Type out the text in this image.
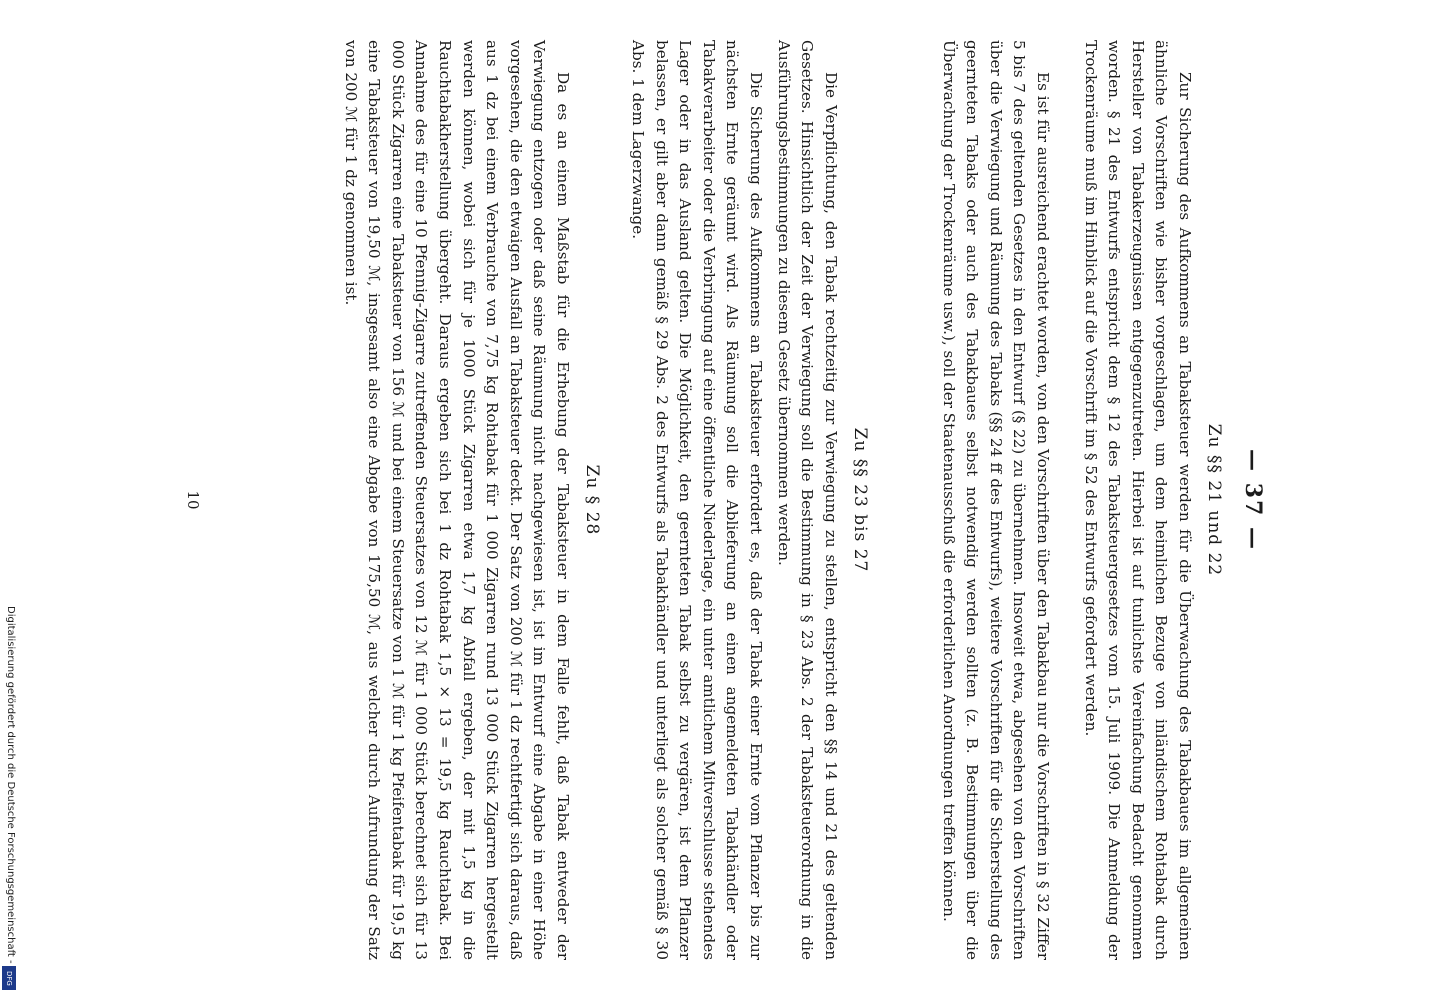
— 37 —
Zu §§ 21 und 22

Zur Sicherung des Aufkommens an Tabaksteuer werden für die Überwachung des Tabakbaues im allgemeinen ähnliche Vorschriften wie bisher vorgeschlagen, um dem heimlichen Bezuge von inländischem Rohtabak durch Hersteller von Tabakerzeugnissen entgegenzutreten. Hierbei ist auf tunlichste Vereinfachung Bedacht genommen worden. § 21 des Entwurfs entspricht dem § 12 des Tabaksteuergesetzes vom 15. Juli 1909. Die Anmeldung der Trockenräume muß im Hinblick auf die Vorschrift im § 52 des Entwurfs gefordert werden.

Es ist für ausreichend erachtet worden, von den Vorschriften über den Tabakbau nur die Vorschriften in § 32 Ziffer 5 bis 7 des geltenden Gesetzes in den Entwurf (§ 22) zu übernehmen. Insoweit etwa, abgesehen von den Vorschriften über die Verwiegung und Räumung des Tabaks (§§ 24 ff des Entwurfs), weitere Vorschriften für die Sicherstellung des geernteten Tabaks oder auch des Tabakbaues selbst notwendig werden sollten (z. B. Bestimmungen über die Überwachung der Trockenräume usw.), soll der Staatenausschuß die erforderlichen Anordnungen treffen können.

Zu §§ 23 bis 27

Die Verpflichtung, den Tabak rechtzeitig zur Verwiegung zu stellen, entspricht den §§ 14 und 21 des geltenden Gesetzes. Hinsichtlich der Zeit der Verwiegung soll die Bestimmung in § 23 Abs. 2 der Tabaksteuerordnung in die Ausführungsbestimmungen zu diesem Gesetz übernommen werden.

Die Sicherung des Aufkommens an Tabaksteuer erfordert es, daß der Tabak einer Ernte vom Pflanzer bis zur nächsten Ernte geräumt wird. Als Räumung soll die Ablieferung an einen angemeldeten Tabakhändler oder Tabakverarbeiter oder die Verbringung auf eine öffentliche Niederlage, ein unter amtlichem Mitverschlusse stehendes Lager oder in das Ausland gelten. Die Möglichkeit, den geernteten Tabak selbst zu vergären, ist dem Pflanzer belassen, er gilt aber dann gemäß § 29 Abs. 2 des Entwurfs als Tabakhändler und unterliegt als solcher gemäß § 30 Abs. 1 dem Lagerzwange.

Zu § 28

Da es an einem Maßstab für die Erhebung der Tabaksteuer in dem Falle fehlt, daß Tabak entweder der Verwiegung entzogen oder daß seine Räumung nicht nachgewiesen ist, ist im Entwurf eine Abgabe in einer Höhe vorgesehen, die den etwaigen Ausfall an Tabaksteuer deckt. Der Satz von 200 ℳ für 1 dz rechtfertigt sich daraus, daß aus 1 dz bei einem Verbrauche von 7,75 kg Rohtabak für 1 000 Zigarren rund 13 000 Stück Zigarren hergestellt werden können, wobei sich für je 1000 Stück Zigarren etwa 1,7 kg Abfall ergeben, der mit 1,5 kg in die Rauchtabakherstellung übergeht. Daraus ergeben sich bei 1 dz Rohtabak 1,5 × 13 = 19,5 kg Rauchtabak. Bei Annahme des für eine 10 Pfennig-Zigarre zutreffenden Steuersatzes von 12 ℳ für 1 000 Stück berechnet sich für 13 000 Stück Zigarren eine Tabaksteuer von 156 ℳ und bei einem Steuersatze von 1 ℳ für 1 kg Pfeifentabak für 19,5 kg eine Tabaksteuer von 19,50 ℳ, insgesamt also eine Abgabe von 175,50 ℳ, aus welcher durch Aufrundung der Satz von 200 ℳ für 1 dz genommen ist.

10
Digitalisierung gefördert durch die Deutsche Forschungsgemeinschaft -
DFG
